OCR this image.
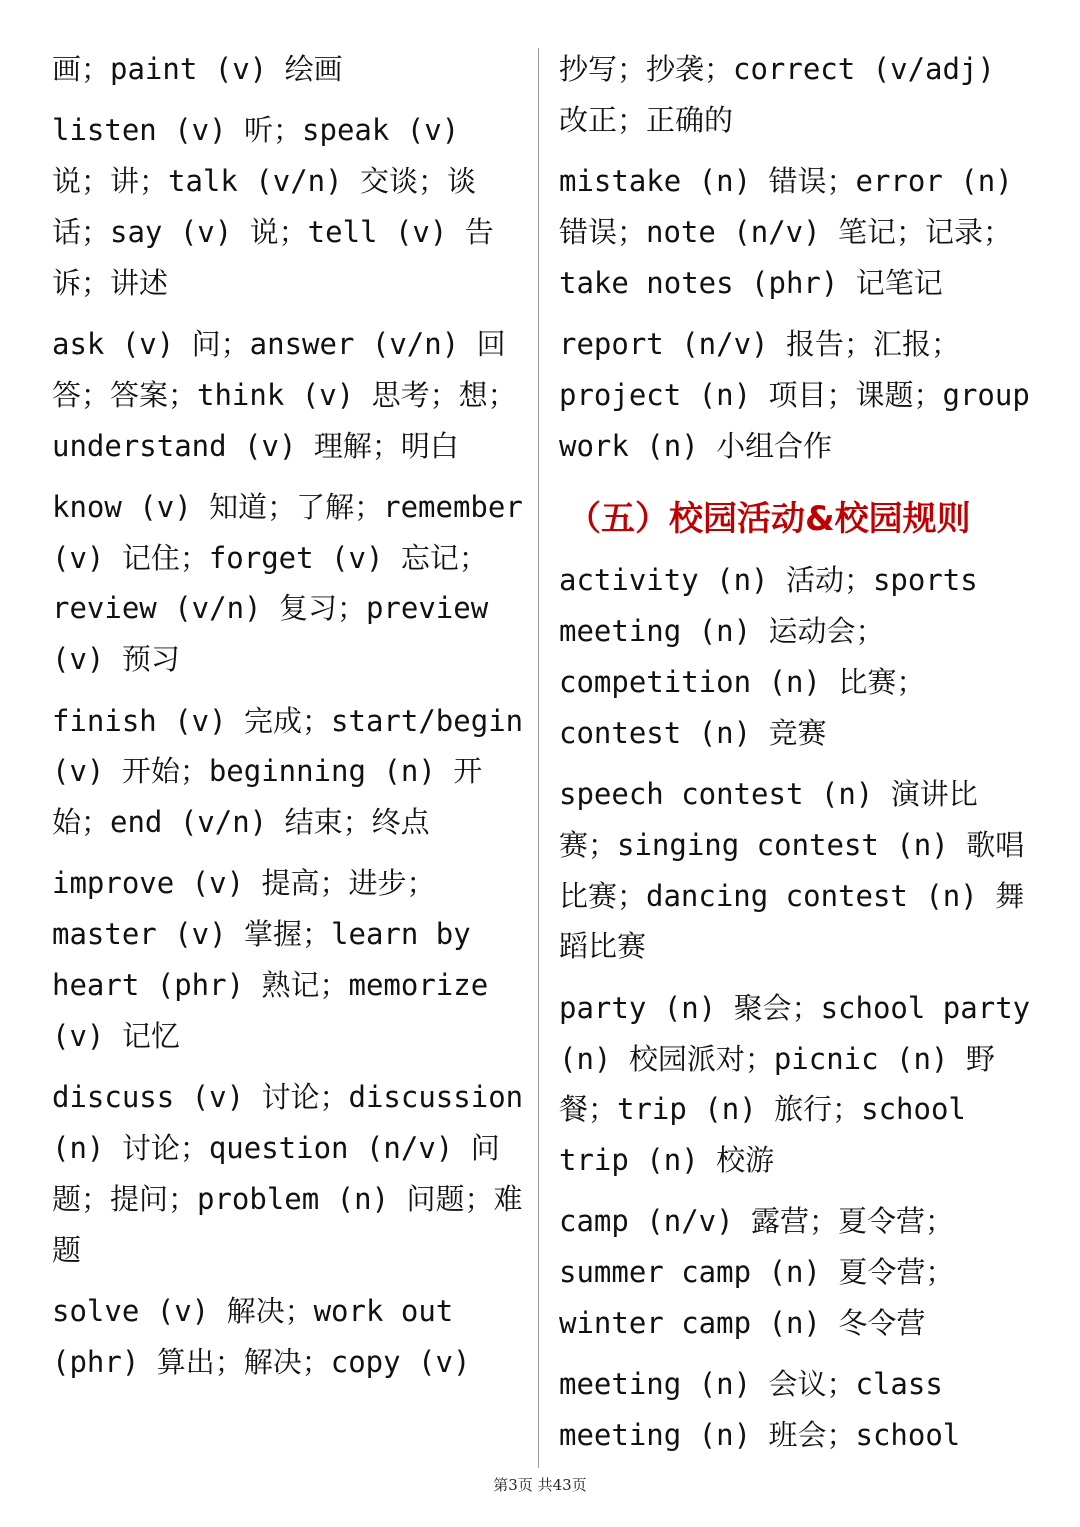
画；paint (v) 绘画

listen (v) 听；speak (v) 说；讲；talk (v/n) 交谈；谈话；say (v) 说；tell (v) 告诉；讲述

ask (v) 问；answer (v/n) 回答；答案；think (v) 思考；想；understand (v) 理解；明白

know (v) 知道；了解；remember (v) 记住；forget (v) 忘记；review (v/n) 复习；preview (v) 预习

finish (v) 完成；start/begin (v) 开始；beginning (n) 开始；end (v/n) 结束；终点

improve (v) 提高；进步；master (v) 掌握；learn by heart (phr) 熟记；memorize (v) 记忆

discuss (v) 讨论；discussion (n) 讨论；question (n/v) 问题；提问；problem (n) 问题；难题

solve (v) 解决；work out (phr) 算出；解决；copy (v)

抄写；抄袭；correct (v/adj) 改正；正确的

mistake (n) 错误；error (n) 错误；note (n/v) 笔记；记录；take notes (phr) 记笔记

report (n/v) 报告；汇报；project (n) 项目；课题；group work (n) 小组合作

（五）校园活动&校园规则

activity (n) 活动；sports meeting (n) 运动会；competition (n) 比赛；contest (n) 竞赛

speech contest (n) 演讲比赛；singing contest (n) 歌唱比赛；dancing contest (n) 舞蹈比赛

party (n) 聚会；school party (n) 校园派对；picnic (n) 野餐；trip (n) 旅行；school trip (n) 校游

camp (n/v) 露营；夏令营；summer camp (n) 夏令营；winter camp (n) 冬令营

meeting (n) 会议；class meeting (n) 班会；school

第3页 共43页
